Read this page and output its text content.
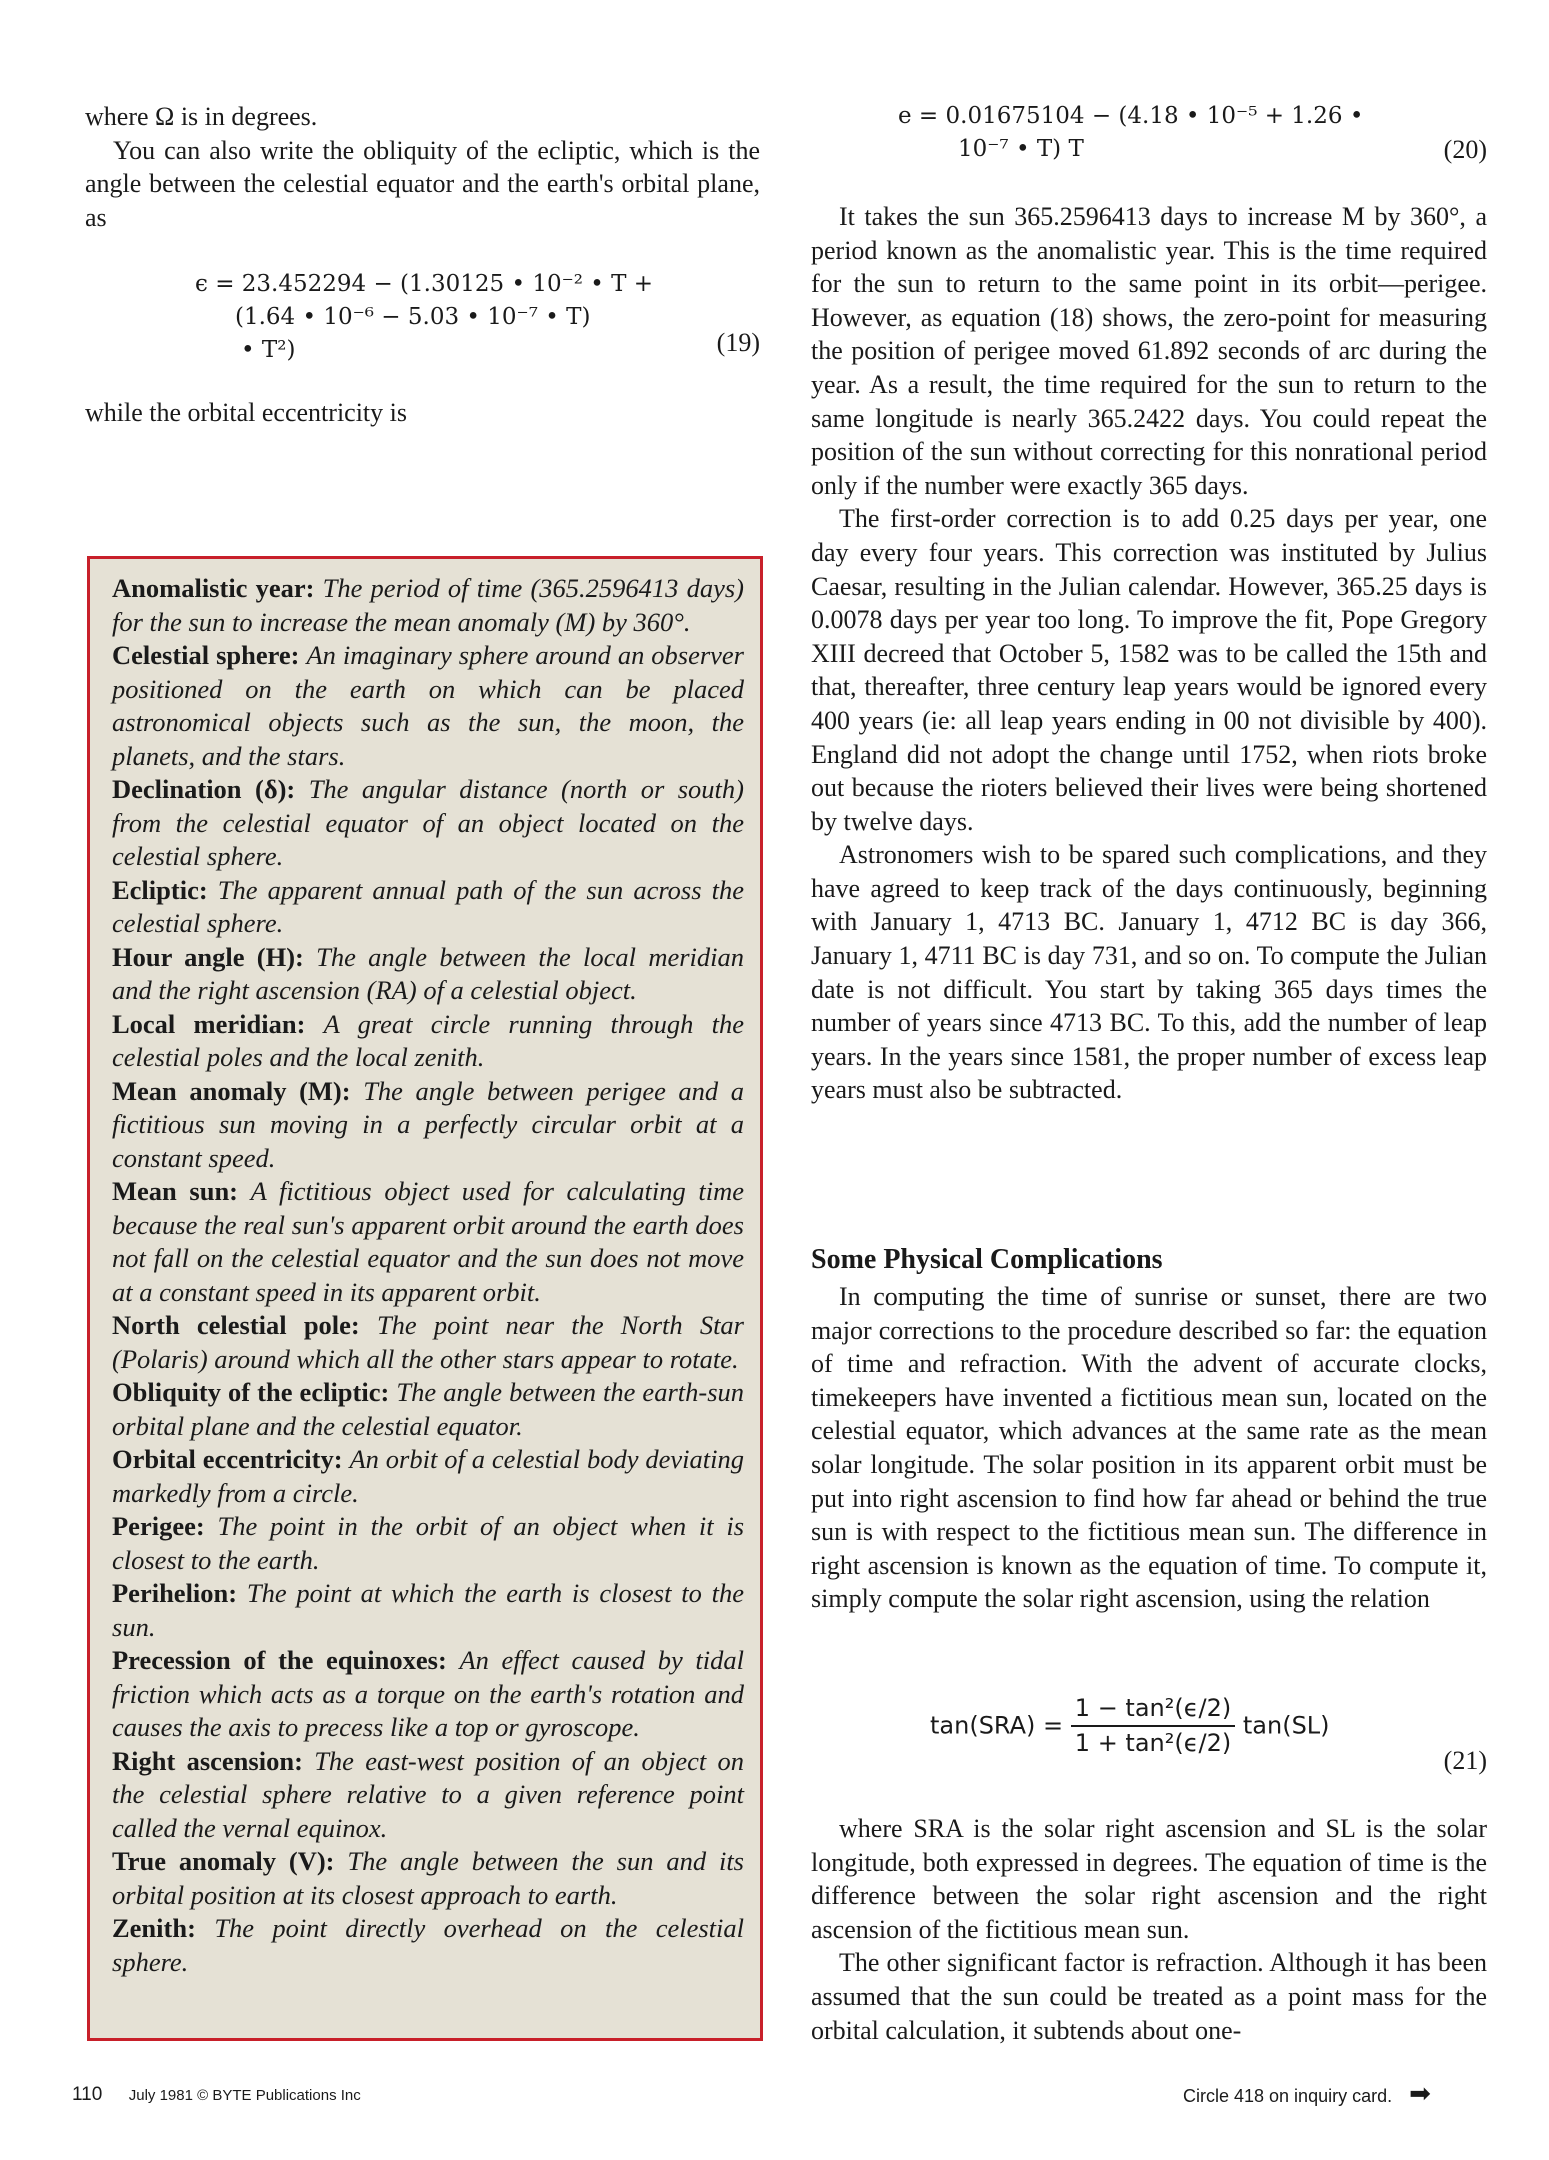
where Ω is in degrees.

You can also write the obliquity of the ecliptic, which is the angle between the celestial equator and the earth's orbital plane, as

ϵ = 23.452294 − (1.30125 • 10⁻² • T +
(1.64 • 10⁻⁶ − 5.03 • 10⁻⁷ • T)
• T²)	(19)

while the orbital eccentricity is

Anomalistic year: The period of time (365.2596413 days) for the sun to increase the mean anomaly (M) by 360°.

Celestial sphere: An imaginary sphere around an observer positioned on the earth on which can be placed astronomical objects such as the sun, the moon, the planets, and the stars.

Declination (δ): The angular distance (north or south) from the celestial equator of an object located on the celestial sphere.

Ecliptic: The apparent annual path of the sun across the celestial sphere.

Hour angle (H): The angle between the local meridian and the right ascension (RA) of a celestial object.

Local meridian: A great circle running through the celestial poles and the local zenith.

Mean anomaly (M): The angle between perigee and a fictitious sun moving in a perfectly circular orbit at a constant speed.

Mean sun: A fictitious object used for calculating time because the real sun's apparent orbit around the earth does not fall on the celestial equator and the sun does not move at a constant speed in its apparent orbit.

North celestial pole: The point near the North Star (Polaris) around which all the other stars appear to rotate.

Obliquity of the ecliptic: The angle between the earth-sun orbital plane and the celestial equator.

Orbital eccentricity: An orbit of a celestial body deviating markedly from a circle.

Perigee: The point in the orbit of an object when it is closest to the earth.

Perihelion: The point at which the earth is closest to the sun.

Precession of the equinoxes: An effect caused by tidal friction which acts as a torque on the earth's rotation and causes the axis to precess like a top or gyroscope.

Right ascension: The east-west position of an object on the celestial sphere relative to a given reference point called the vernal equinox.

True anomaly (V): The angle between the sun and its orbital position at its closest approach to earth.

Zenith: The point directly overhead on the celestial sphere.

e = 0.01675104 − (4.18 • 10⁻⁵ + 1.26 •
10⁻⁷ • T) T	(20)

It takes the sun 365.2596413 days to increase M by 360°, a period known as the anomalistic year. This is the time required for the sun to return to the same point in its orbit—perigee. However, as equation (18) shows, the zero-point for measuring the position of perigee moved 61.892 seconds of arc during the year. As a result, the time required for the sun to return to the same longitude is nearly 365.2422 days. You could repeat the position of the sun without correcting for this nonrational period only if the number were exactly 365 days.

The first-order correction is to add 0.25 days per year, one day every four years. This correction was instituted by Julius Caesar, resulting in the Julian calendar. However, 365.25 days is 0.0078 days per year too long. To improve the fit, Pope Gregory XIII decreed that October 5, 1582 was to be called the 15th and that, thereafter, three century leap years would be ignored every 400 years (ie: all leap years ending in 00 not divisible by 400). England did not adopt the change until 1752, when riots broke out because the rioters believed their lives were being shortened by twelve days.

Astronomers wish to be spared such complications, and they have agreed to keep track of the days continuously, beginning with January 1, 4713 BC. January 1, 4712 BC is day 366, January 1, 4711 BC is day 731, and so on. To compute the Julian date is not difficult. You start by taking 365 days times the number of years since 4713 BC. To this, add the number of leap years. In the years since 1581, the proper number of excess leap years must also be subtracted.

Some Physical Complications

In computing the time of sunrise or sunset, there are two major corrections to the procedure described so far: the equation of time and refraction. With the advent of accurate clocks, timekeepers have invented a fictitious mean sun, located on the celestial equator, which advances at the same rate as the mean solar longitude. The solar position in its apparent orbit must be put into right ascension to find how far ahead or behind the true sun is with respect to the fictitious mean sun. The difference in right ascension is known as the equation of time. To compute it, simply compute the solar right ascension, using the relation

$\tan(SRA) = \frac{\text{1 − tan²(ϵ/2)}}{\text{1 + tan²(ϵ/2)}} \tan(SL)$
(21)

where SRA is the solar right ascension and SL is the solar longitude, both expressed in degrees. The equation of time is the difference between the solar right ascension and the right ascension of the fictitious mean sun.

The other significant factor is refraction. Although it has been assumed that the sun could be treated as a point mass for the orbital calculation, it subtends about one-

110 July 1981 © BYTE Publications Inc	Circle 418 on inquiry card. ➡
